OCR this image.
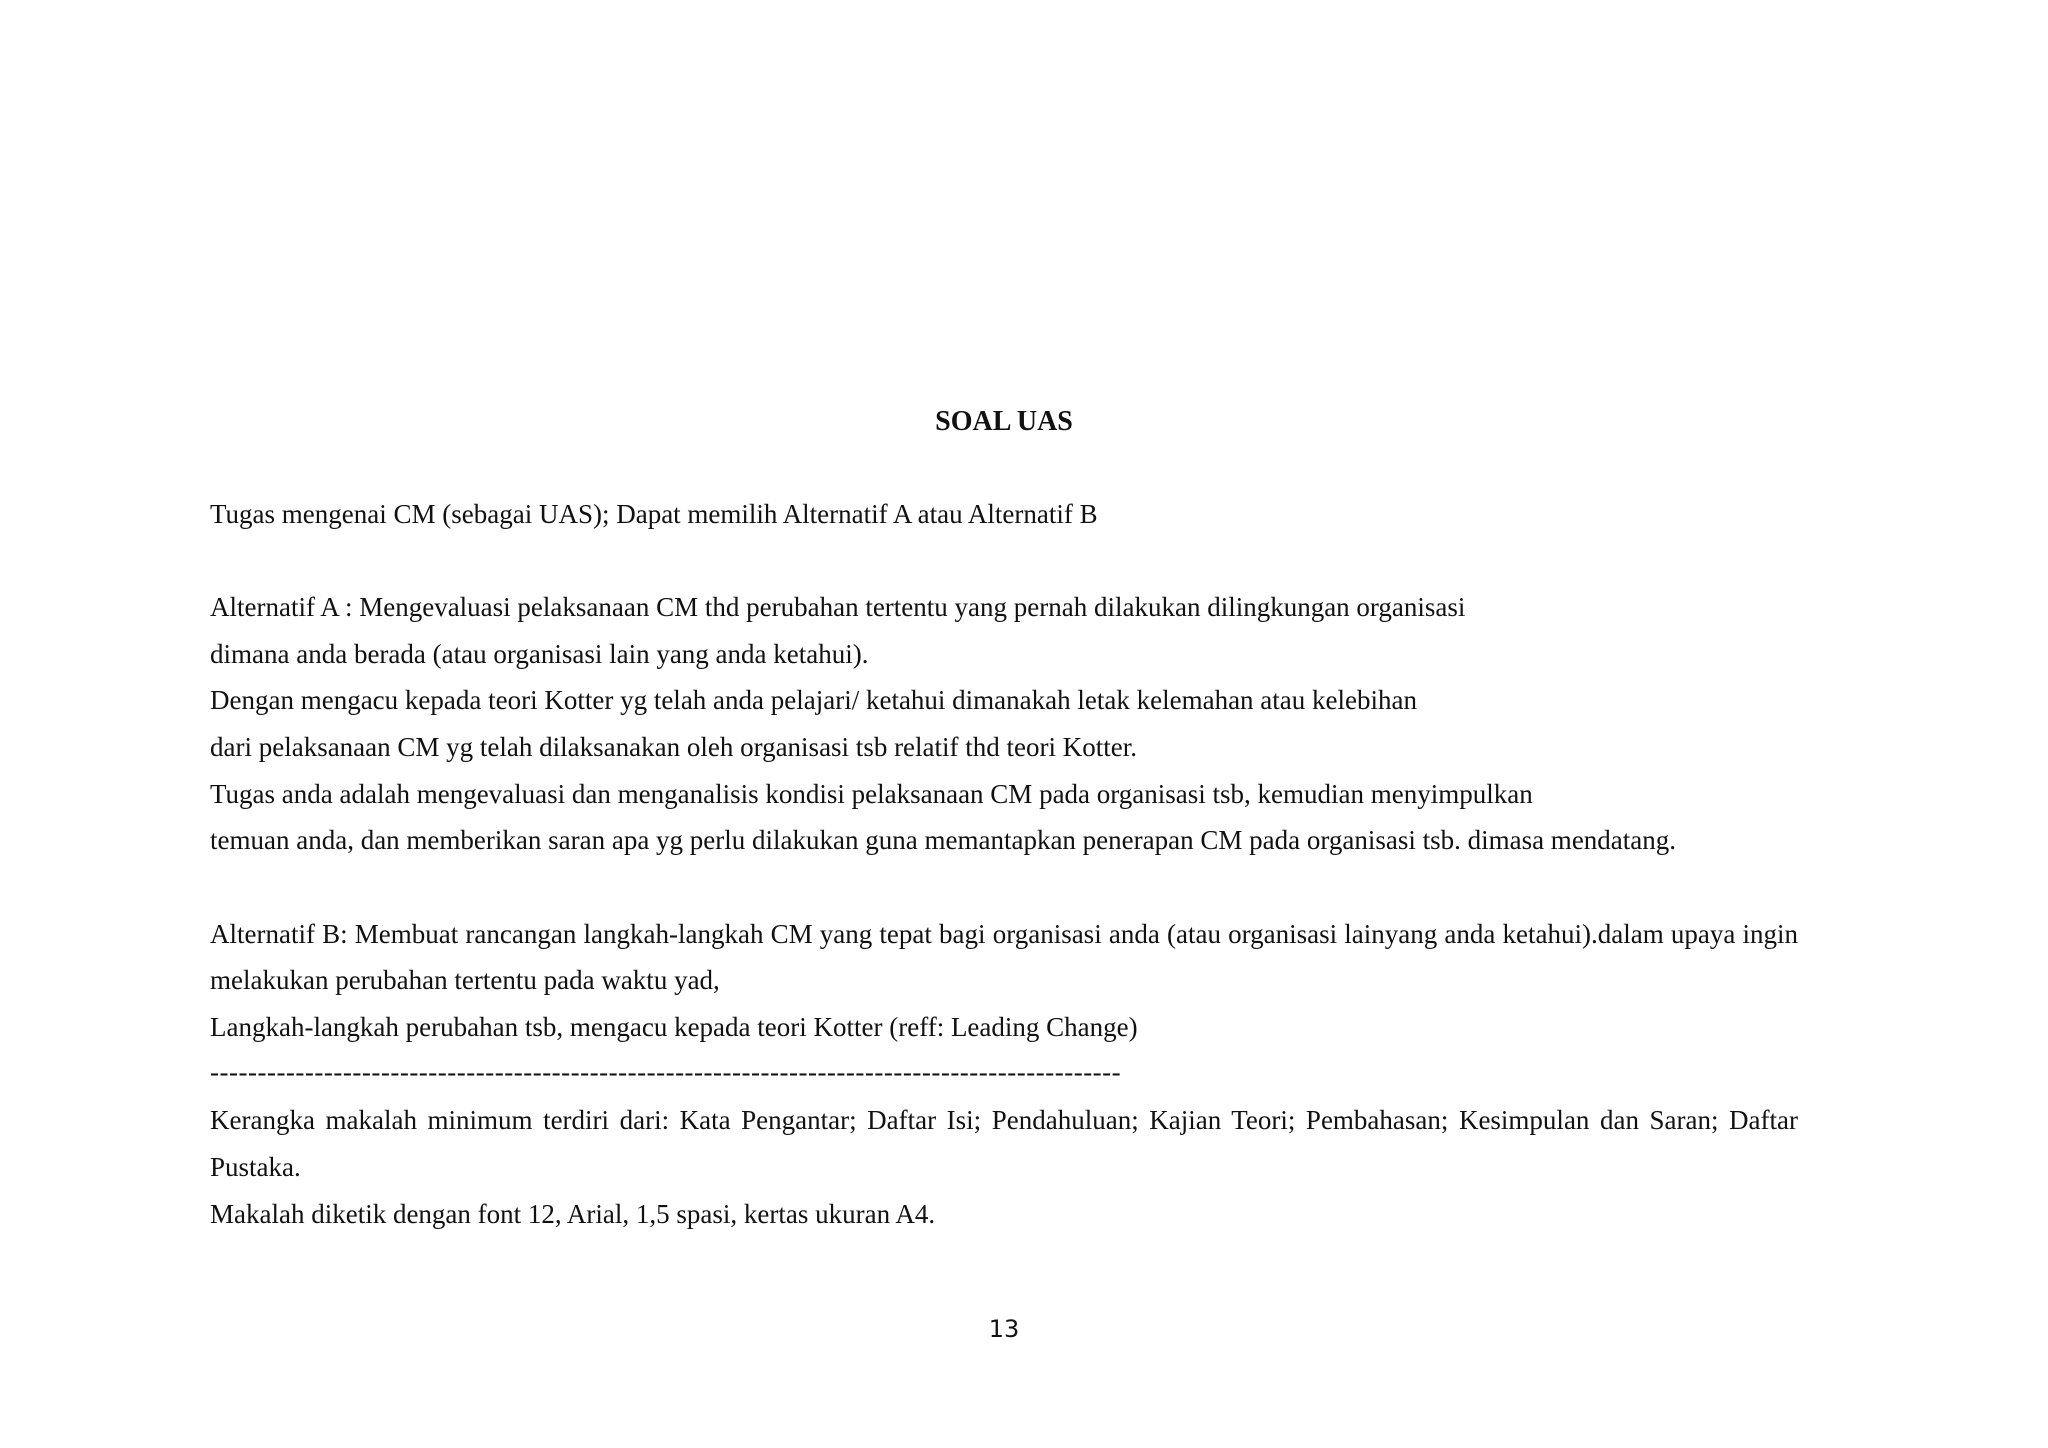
SOAL UAS
Tugas mengenai CM (sebagai UAS); Dapat memilih Alternatif A atau Alternatif B
Alternatif A : Mengevaluasi pelaksanaan CM thd perubahan tertentu yang pernah dilakukan dilingkungan organisasi
dimana anda berada (atau organisasi lain yang anda ketahui).
Dengan mengacu kepada teori Kotter yg telah anda pelajari/ ketahui dimanakah letak kelemahan atau kelebihan
dari pelaksanaan CM yg telah dilaksanakan oleh organisasi tsb relatif thd teori Kotter.
Tugas anda adalah mengevaluasi dan menganalisis kondisi pelaksanaan CM pada organisasi tsb, kemudian menyimpulkan
temuan anda, dan memberikan saran apa yg perlu dilakukan guna memantapkan penerapan CM pada organisasi tsb. dimasa mendatang.
Alternatif B: Membuat rancangan langkah-langkah CM yang tepat bagi organisasi anda (atau organisasi lainyang anda ketahui).dalam upaya ingin
melakukan perubahan tertentu pada waktu yad,
Langkah-langkah perubahan tsb, mengacu kepada teori Kotter (reff: Leading Change)
------------------------------------------------------------------------------------------------
Kerangka makalah minimum terdiri dari: Kata Pengantar; Daftar Isi; Pendahuluan; Kajian Teori; Pembahasan; Kesimpulan dan Saran; Daftar
Pustaka.
Makalah diketik dengan font 12, Arial, 1,5 spasi, kertas ukuran A4.
13
